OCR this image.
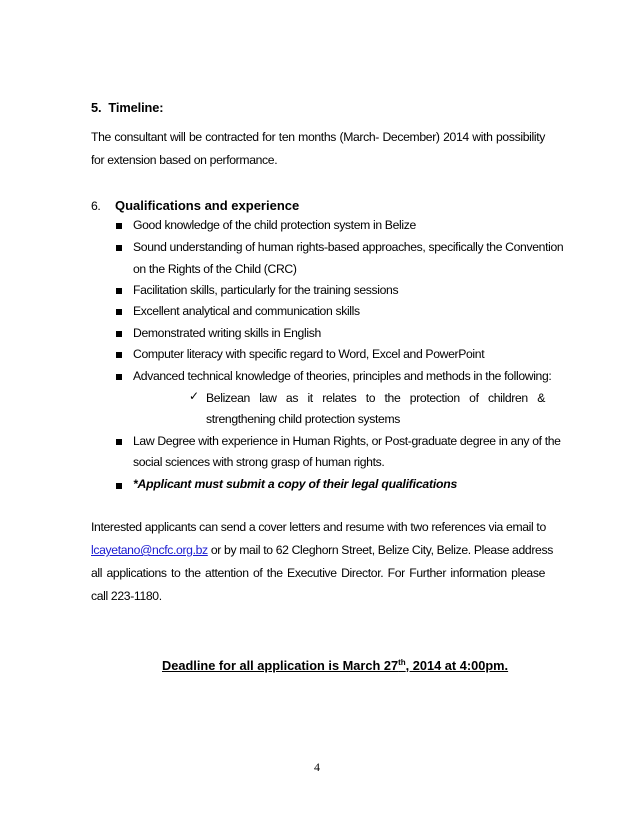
5. Timeline:
The consultant will be contracted for ten months (March- December) 2014 with possibility
for extension based on performance.
6. Qualifications and experience
Good knowledge of the child protection system in Belize
Sound understanding of human rights-based approaches, specifically the Convention
on the Rights of the Child (CRC)
Facilitation skills, particularly for the training sessions
Excellent analytical and communication skills
Demonstrated writing skills in English
Computer literacy with specific regard to Word, Excel and PowerPoint
Advanced technical knowledge of theories, principles and methods in the following:
✓ Belizean law as it relates to the protection of children &
strengthening child protection systems
Law Degree with experience in Human Rights, or Post-graduate degree in any of the
social sciences with strong grasp of human rights.
*Applicant must submit a copy of their legal qualifications
Interested applicants can send a cover letters and resume with two references via email to
lcayetano@ncfc.org.bz or by mail to 62 Cleghorn Street, Belize City, Belize. Please address
all applications to the attention of the Executive Director. For Further information please
call 223-1180.
Deadline for all application is March 27th, 2014 at 4:00pm.
4
